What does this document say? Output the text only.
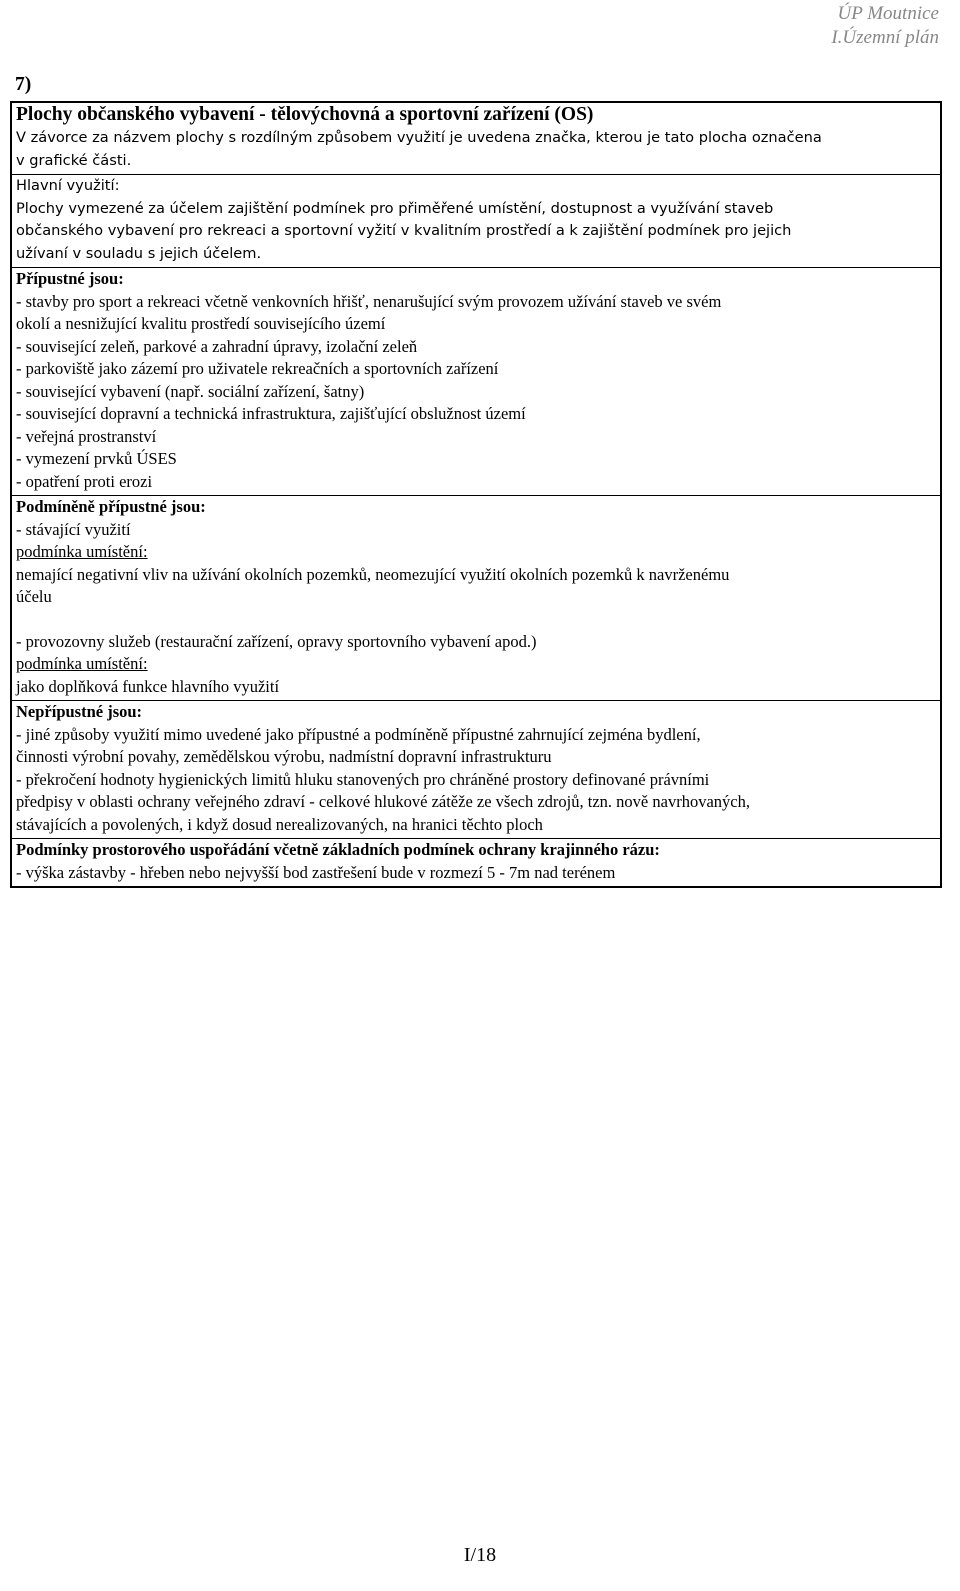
ÚP Moutnice
I.Územní plán
7)
Plochy občanského vybavení - tělovýchovná a sportovní zařízení (OS)
V závorce za názvem plochy s rozdílným způsobem využití je uvedena značka, kterou je tato plocha označena
v grafické části.
Hlavní využití:
Plochy vymezené za účelem zajištění podmínek pro přiměřené umístění, dostupnost a využívání staveb
občanského vybavení pro rekreaci a sportovní vyžití v kvalitním prostředí a k zajištění podmínek pro jejich
užívaní v souladu s jejich účelem.
Přípustné jsou:
- stavby pro sport a rekreaci včetně venkovních hřišť, nenarušující svým provozem užívání staveb ve svém
okolí a nesnižující kvalitu prostředí souvisejícího území
- související zeleň, parkové a zahradní úpravy, izolační zeleň
- parkoviště jako zázemí pro uživatele rekreačních a sportovních zařízení
- související vybavení (např. sociální zařízení, šatny)
- související dopravní a technická infrastruktura, zajišťující obslužnost území
- veřejná prostranství
- vymezení prvků ÚSES
- opatření proti erozi
Podmíněně přípustné jsou:
- stávající využití
podmínka umístění:
nemající negativní vliv na užívání okolních pozemků, neomezující využití okolních pozemků k navrženému
účelu
- provozovny služeb (restaurační zařízení, opravy sportovního vybavení apod.)
podmínka umístění:
jako doplňková funkce hlavního využití
Nepřípustné jsou:
- jiné způsoby využití mimo uvedené jako přípustné a podmíněně přípustné zahrnující zejména bydlení,
činnosti výrobní povahy, zemědělskou výrobu, nadmístní dopravní infrastrukturu
- překročení hodnoty hygienických limitů hluku stanovených pro chráněné prostory definované právními
předpisy v oblasti ochrany veřejného zdraví - celkové hlukové zátěže ze všech zdrojů, tzn. nově navrhovaných,
stávajících a povolených, i když dosud nerealizovaných, na hranici těchto ploch
Podmínky prostorového uspořádání včetně základních podmínek ochrany krajinného rázu:
- výška zástavby - hřeben nebo nejvyšší bod zastřešení bude v rozmezí 5 - 7m nad terénem
I/18
